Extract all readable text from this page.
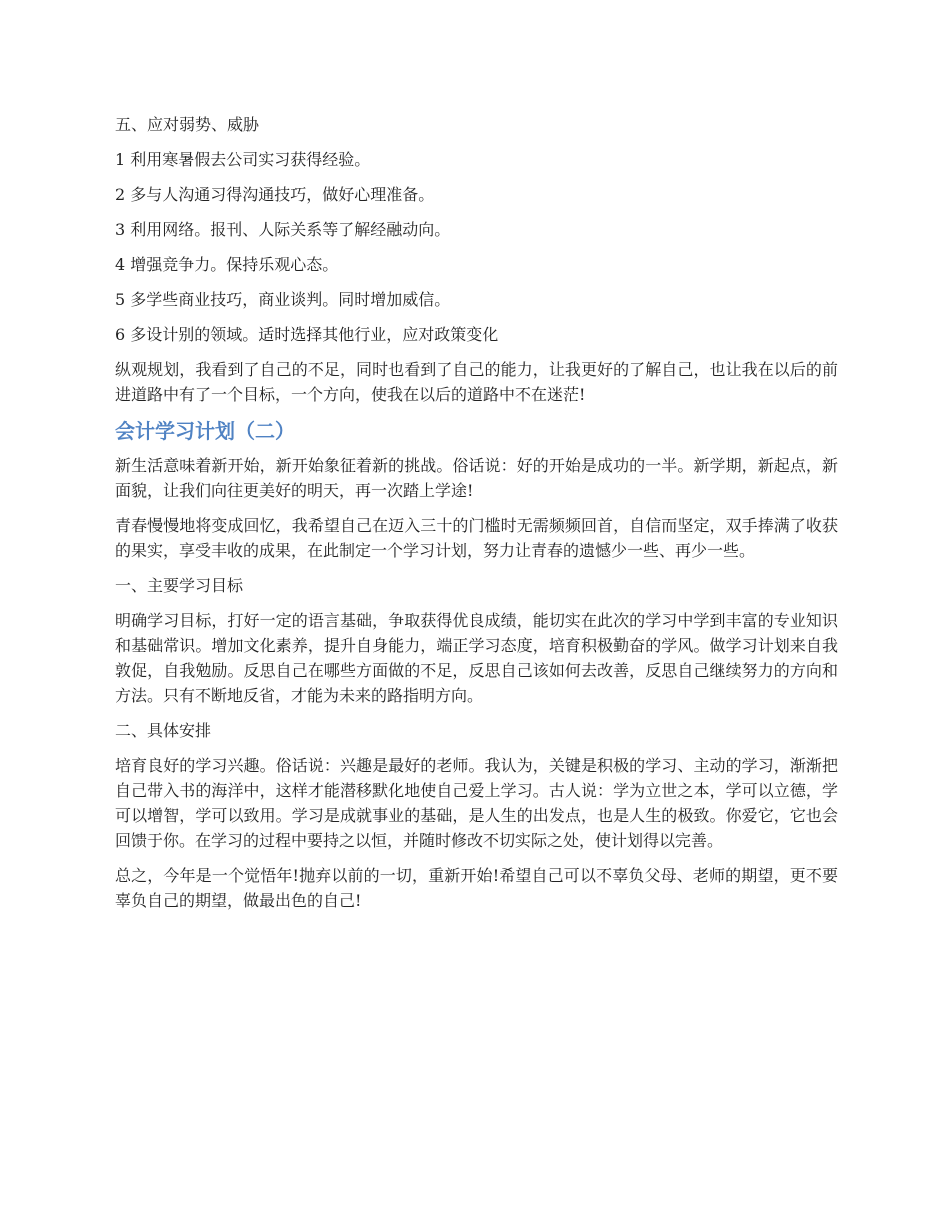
五、应对弱势、威胁

1 利用寒暑假去公司实习获得经验。

2 多与人沟通习得沟通技巧，做好心理准备。

3 利用网络。报刊、人际关系等了解经融动向。

4 增强竞争力。保持乐观心态。

5 多学些商业技巧，商业谈判。同时增加威信。

6 多设计别的领域。适时选择其他行业，应对政策变化

纵观规划，我看到了自己的不足，同时也看到了自己的能力，让我更好的了解自己，也让我在以后的前进道路中有了一个目标，一个方向，使我在以后的道路中不在迷茫!

会计学习计划（二）

新生活意味着新开始，新开始象征着新的挑战。俗话说：好的开始是成功的一半。新学期，新起点，新面貌，让我们向往更美好的明天，再一次踏上学途!

青春慢慢地将变成回忆，我希望自己在迈入三十的门槛时无需频频回首，自信而坚定，双手捧满了收获的果实，享受丰收的成果，在此制定一个学习计划，努力让青春的遗憾少一些、再少一些。

一、主要学习目标

明确学习目标，打好一定的语言基础，争取获得优良成绩，能切实在此次的学习中学到丰富的专业知识和基础常识。增加文化素养，提升自身能力，端正学习态度，培育积极勤奋的学风。做学习计划来自我敦促，自我勉励。反思自己在哪些方面做的不足，反思自己该如何去改善，反思自己继续努力的方向和方法。只有不断地反省，才能为未来的路指明方向。

二、具体安排

培育良好的学习兴趣。俗话说：兴趣是最好的老师。我认为，关键是积极的学习、主动的学习，渐渐把自己带入书的海洋中，这样才能潜移默化地使自己爱上学习。古人说：学为立世之本，学可以立德，学可以增智，学可以致用。学习是成就事业的基础，是人生的出发点，也是人生的极致。你爱它，它也会回馈于你。在学习的过程中要持之以恒，并随时修改不切实际之处，使计划得以完善。

总之，今年是一个觉悟年!抛弃以前的一切，重新开始!希望自己可以不辜负父母、老师的期望，更不要辜负自己的期望，做最出色的自己!
